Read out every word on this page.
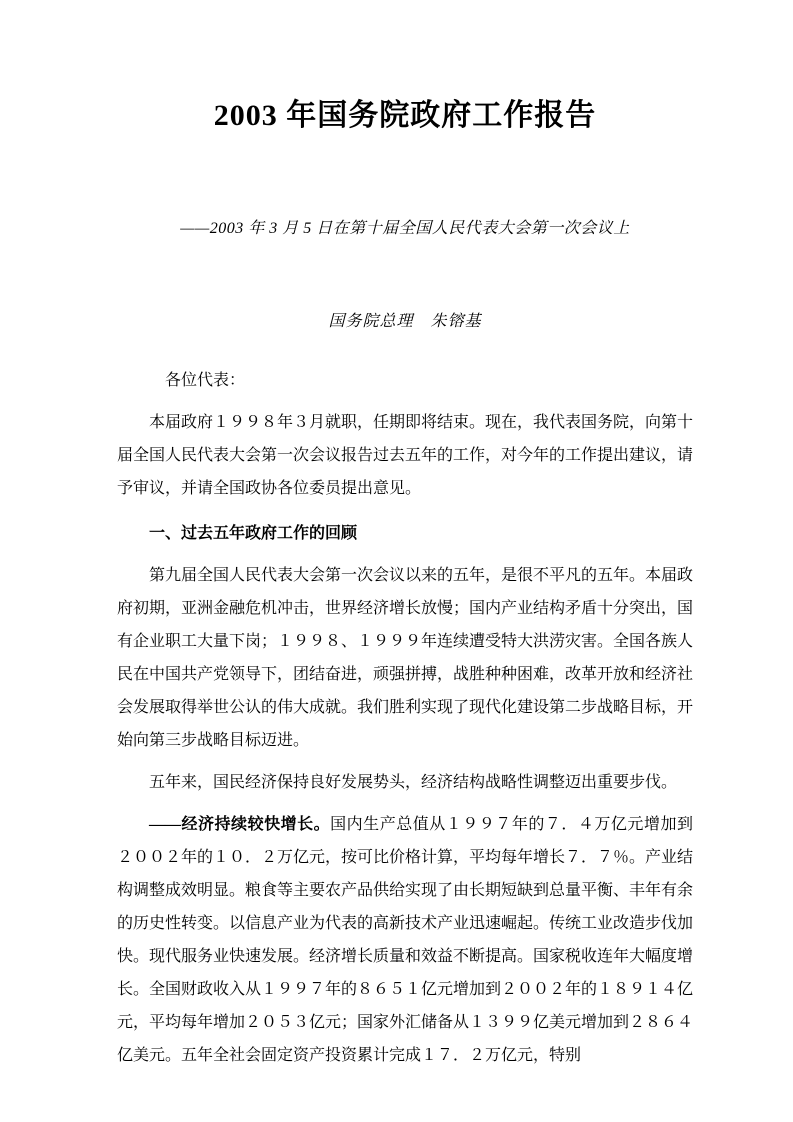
2003 年国务院政府工作报告

——2003 年 3 月 5 日在第十届全国人民代表大会第一次会议上

国务院总理　朱镕基

各位代表：

本届政府１９９８年３月就职，任期即将结束。现在，我代表国务院，向第十届全国人民代表大会第一次会议报告过去五年的工作，对今年的工作提出建议，请予审议，并请全国政协各位委员提出意见。

一、过去五年政府工作的回顾

第九届全国人民代表大会第一次会议以来的五年，是很不平凡的五年。本届政府初期，亚洲金融危机冲击，世界经济增长放慢；国内产业结构矛盾十分突出，国有企业职工大量下岗；１９９８、１９９９年连续遭受特大洪涝灾害。全国各族人民在中国共产党领导下，团结奋进，顽强拼搏，战胜种种困难，改革开放和经济社会发展取得举世公认的伟大成就。我们胜利实现了现代化建设第二步战略目标，开始向第三步战略目标迈进。

五年来，国民经济保持良好发展势头，经济结构战略性调整迈出重要步伐。

——经济持续较快增长。国内生产总值从１９９７年的７．４万亿元增加到２００２年的１０．２万亿元，按可比价格计算，平均每年增长７．７％。产业结构调整成效明显。粮食等主要农产品供给实现了由长期短缺到总量平衡、丰年有余的历史性转变。以信息产业为代表的高新技术产业迅速崛起。传统工业改造步伐加快。现代服务业快速发展。经济增长质量和效益不断提高。国家税收连年大幅度增长。全国财政收入从１９９７年的８６５１亿元增加到２００２年的１８９１４亿元，平均每年增加２０５３亿元；国家外汇储备从１３９９亿美元增加到２８６４亿美元。五年全社会固定资产投资累计完成１７．２万亿元，特别
